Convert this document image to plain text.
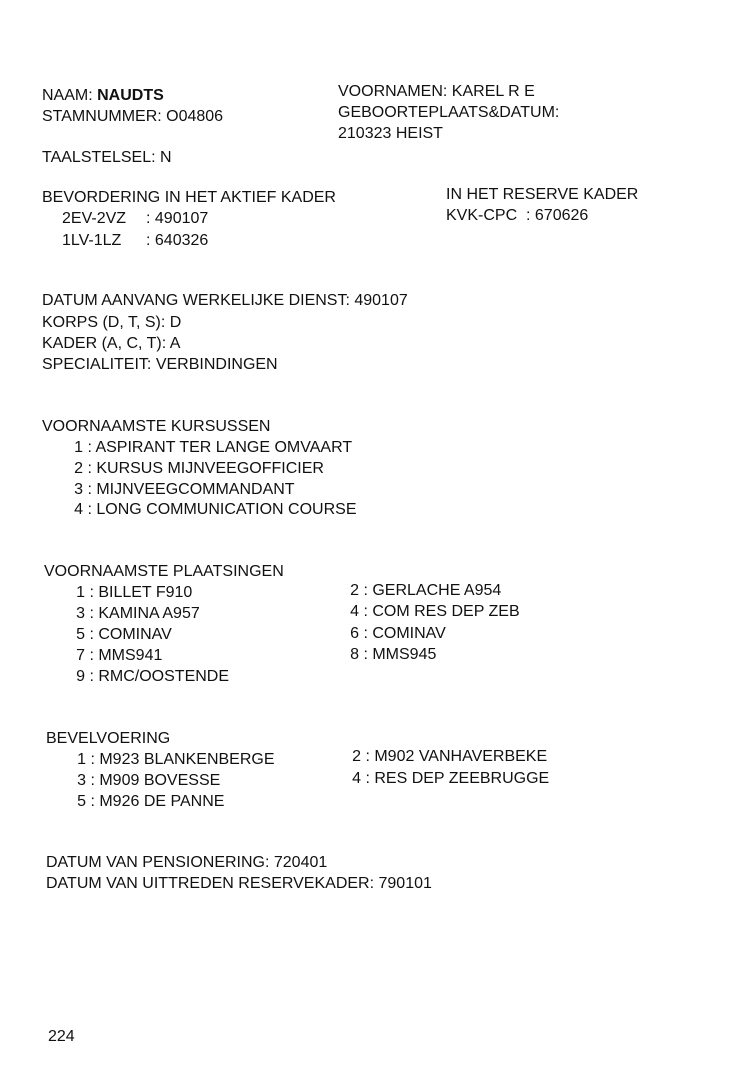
NAAM: NAUDTS
STAMNUMMER: O04806
VOORNAMEN: KAREL R E
GEBOORTEPLAATS&DATUM:
210323 HEIST
TAALSTELSEL: N
BEVORDERING IN HET AKTIEF KADER
2EV-2VZ : 490107
1LV-1LZ : 640326
IN HET RESERVE KADER
KVK-CPC  : 670626
DATUM AANVANG WERKELIJKE DIENST: 490107
KORPS (D, T, S): D
KADER (A, C, T): A
SPECIALITEIT: VERBINDINGEN
VOORNAAMSTE KURSUSSEN
1 : ASPIRANT TER LANGE OMVAART
2 : KURSUS MIJNVEEGOFFICIER
3 : MIJNVEEGCOMMANDANT
4 : LONG COMMUNICATION COURSE
VOORNAAMSTE PLAATSINGEN
1 : BILLET F910	2 : GERLACHE A954
3 : KAMINA A957	4 : COM RES DEP ZEB
5 : COMINAV	6 : COMINAV
7 : MMS941	8 : MMS945
9 : RMC/OOSTENDE
BEVELVOERING
1 : M923 BLANKENBERGE	2 : M902 VANHAVERBEKE
3 : M909 BOVESSE	4 : RES DEP ZEEBRUGGE
5 : M926 DE PANNE
DATUM VAN PENSIONERING: 720401
DATUM VAN UITTREDEN RESERVEKADER: 790101
224
